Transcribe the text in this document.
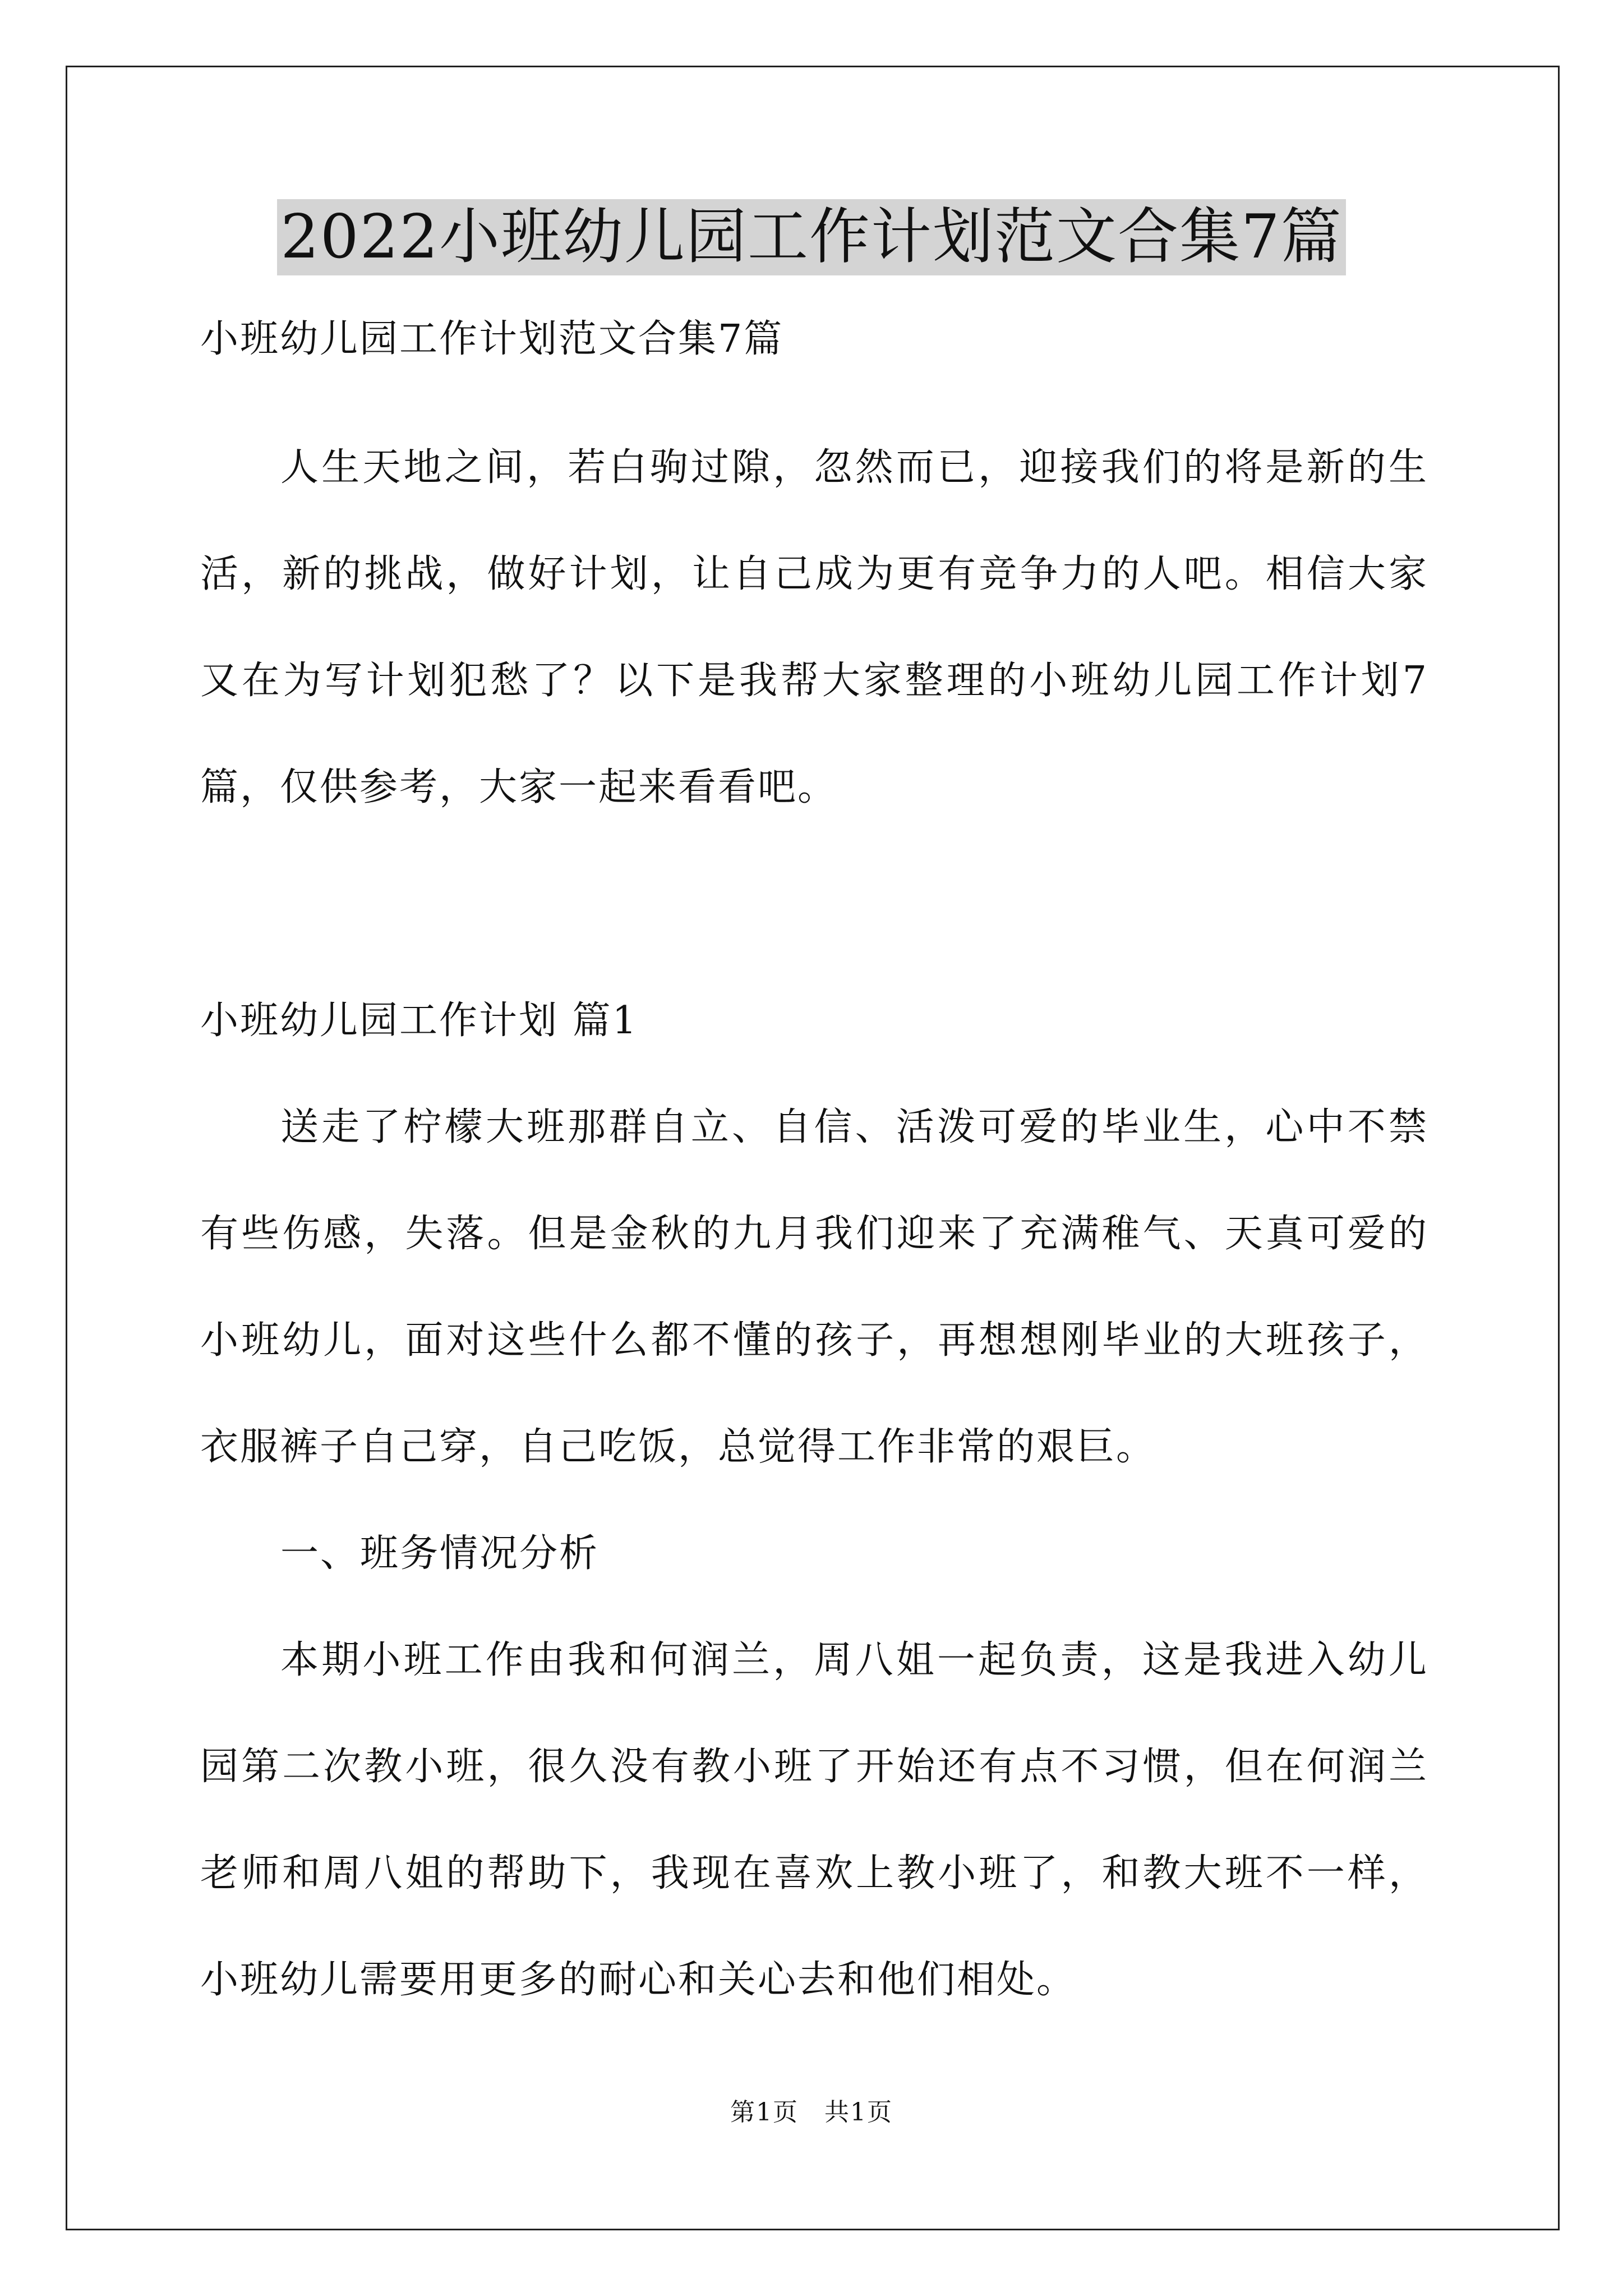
2022小班幼儿园工作计划范文合集7篇
小班幼儿园工作计划范文合集7篇
人生天地之间，若白驹过隙，忽然而已，迎接我们的将是新的生
活，新的挑战，做好计划，让自己成为更有竞争力的人吧。相信大家
又在为写计划犯愁了？以下是我帮大家整理的小班幼儿园工作计划7
篇，仅供参考，大家一起来看看吧。
小班幼儿园工作计划 篇1
送走了柠檬大班那群自立、自信、活泼可爱的毕业生，心中不禁
有些伤感，失落。但是金秋的九月我们迎来了充满稚气、天真可爱的
小班幼儿，面对这些什么都不懂的孩子，再想想刚毕业的大班孩子，
衣服裤子自己穿，自己吃饭，总觉得工作非常的艰巨。
一、班务情况分析
本期小班工作由我和何润兰，周八姐一起负责，这是我进入幼儿
园第二次教小班，很久没有教小班了开始还有点不习惯，但在何润兰
老师和周八姐的帮助下，我现在喜欢上教小班了，和教大班不一样，
小班幼儿需要用更多的耐心和关心去和他们相处。
第1页　共1页
